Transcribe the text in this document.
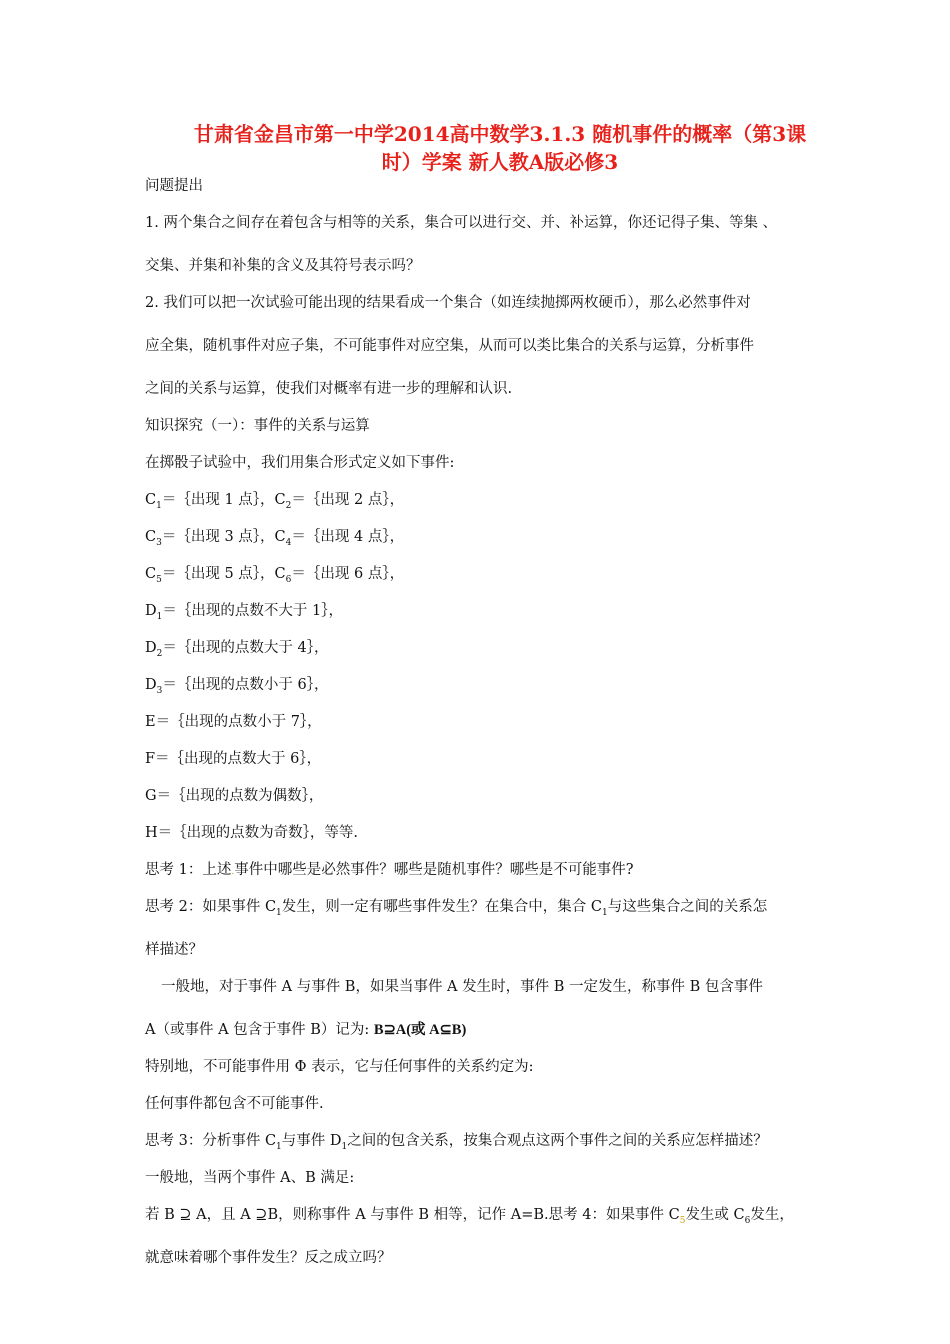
甘肃省金昌市第一中学2014高中数学3.1.3 随机事件的概率（第3课
时）学案 新人教A版必修3
问题提出
1. 两个集合之间存在着包含与相等的关系，集合可以进行交、并、补运算，你还记得子集、等集 、
交集、并集和补集的含义及其符号表示吗？
2. 我们可以把一次试验可能出现的结果看成一个集合（如连续抛掷两枚硬币），那么必然事件对
应全集，随机事件对应子集，不可能事件对应空集，从而可以类比集合的关系与运算，分析事件
之间的关系与运算，使我们对概率有进一步的理解和认识.
知识探究（一）：事件的关系与运算
在掷骰子试验中，我们用集合形式定义如下事件:
$C_1=\{$出现 1 点｝，$C_2=\{$出现 2 点｝，
$C_3=\{$出现 3 点｝，$C_4=\{$出现 4 点｝，
$C_5=\{$出现 5 点｝，$C_6=\{$出现 6 点｝，
$D_1=\{$出现的点数不大于 1｝，
$D_2=\{$出现的点数大于 4｝，
$D_3=\{$出现的点数小于 6｝，
E＝｛出现的点数小于 7｝，
F＝｛出现的点数大于 6｝，
G＝｛出现的点数为偶数｝，
H＝｛出现的点数为奇数｝，等等.
思考 1：上述.事件中哪些是必然事件？哪些是随机事件？哪些是不可能事件?
思考 2：如果事件 $C_1$发生，则一定有哪些事件发生？在集合中，集合 $C_1$与这些集合之间的关系怎
样描述？
一般地，对于事件 A 与事件 B，如果当事件 A 发生时，事件 B 一定发生，称事件 B 包含事件
A（或事件 A 包含于事件 B）记为: B⊇A(或 A⊆B)
特别地，不可能事件用 Φ 表示，它与任何事件的关系约定为:
任何事件都包含不可能事件.
思考 3：分析事件 $C_1$与事件 $D_1$之间的包含关系，按集合观点这两个事件之间的关系应怎样描述？
一般地，当两个事件 A、B 满足:
若 B ⊇ A，且 A ⊇B，则称事件 A 与事件 B 相等，记作 A=B.思考 4：如果事件 $C_5$发生或 $C_6$发生，
就意味着哪个事件发生？反之成立吗？
